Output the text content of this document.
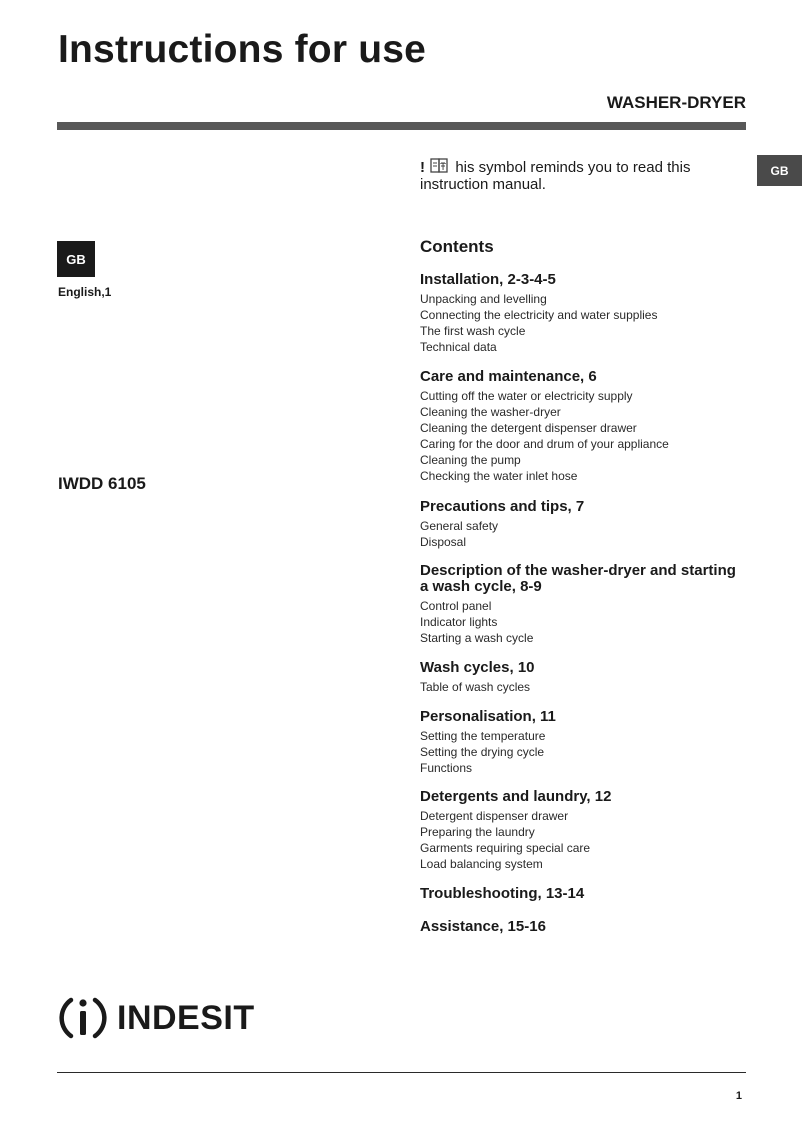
Instructions for use
WASHER-DRYER
GB
GB
English,1
IWDD 6105
! T his symbol reminds you to read this instruction manual.
Contents
Installation, 2-3-4-5
Unpacking and levelling
Connecting the electricity and water supplies
The first wash cycle
Technical data
Care and maintenance, 6
Cutting off the water or electricity supply
Cleaning the washer-dryer
Cleaning the detergent dispenser drawer
Caring for the door and drum of your appliance
Cleaning the pump
Checking the water inlet hose
Precautions and tips, 7
General safety
Disposal
Description of the washer-dryer and starting a wash cycle, 8-9
Control panel
Indicator lights
Starting a wash cycle
Wash cycles, 10
Table of wash cycles
Personalisation, 11
Setting the temperature
Setting the drying cycle
Functions
Detergents and laundry, 12
Detergent dispenser drawer
Preparing the laundry
Garments requiring special care
Load balancing system
Troubleshooting, 13-14
Assistance, 15-16
INDESIT
1
